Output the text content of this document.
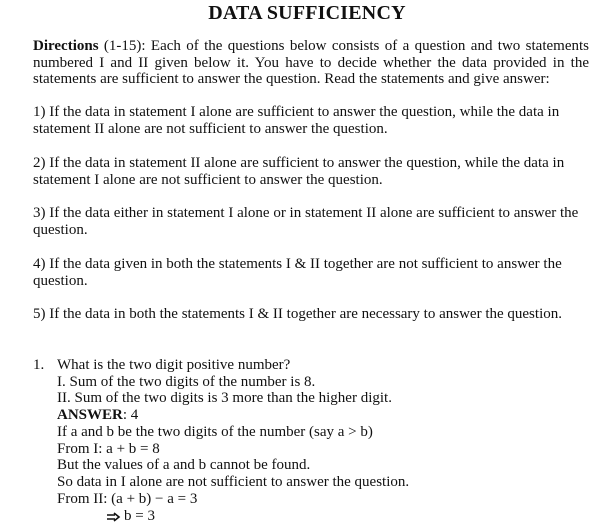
DATA SUFFICIENCY
Directions (1-15): Each of the questions below consists of a question and two statements numbered I and II given below it. You have to decide whether the data provided in the statements are sufficient to answer the question. Read the statements and give answer:
1) If the data in statement I alone are sufficient to answer the question, while the data in statement II alone are not sufficient to answer the question.
2) If the data in statement II alone are sufficient to answer the question, while the data in statement I alone are not sufficient to answer the question.
3) If the data either in statement I alone or in statement II alone are sufficient to answer the question.
4) If the data given in both the statements I & II together are not sufficient to answer the question.
5) If the data in both the statements I & II together are necessary to answer the question.
1. What is the two digit positive number?
I. Sum of the two digits of the number is 8.
II. Sum of the two digits is 3 more than the higher digit.
ANSWER: 4
If a and b be the two digits of the number (say a > b)
From I: a + b = 8
But the values of a and b cannot be found.
So data in I alone are not sufficient to answer the question.
From II: (a + b) − a = 3
b = 3
